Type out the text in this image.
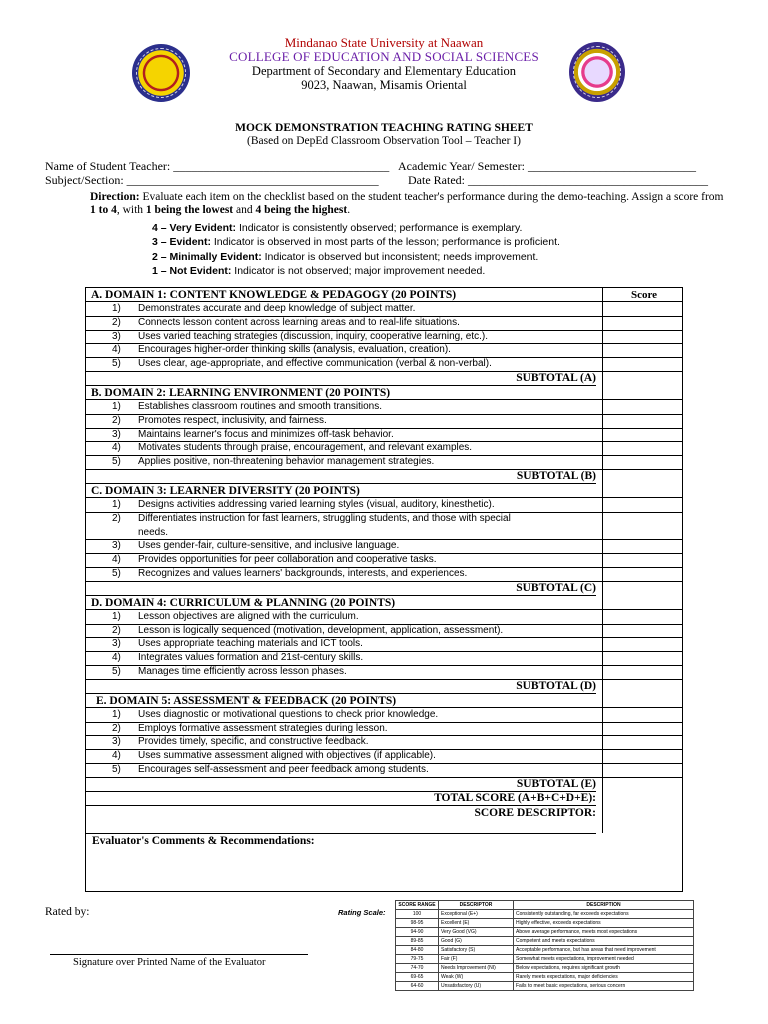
Mindanao State University at Naawan
COLLEGE OF EDUCATION AND SOCIAL SCIENCES
Department of Secondary and Elementary Education
9023, Naawan, Misamis Oriental
MOCK DEMONSTRATION TEACHING RATING SHEET
(Based on DepEd Classroom Observation Tool – Teacher I)
Name of Student Teacher: ____________________________________ Academic Year/ Semester: ____________________________
Subject/Section: __________________________________________ Date Rated: ________________________________________
Direction: Evaluate each item on the checklist based on the student teacher's performance during the demo-teaching. Assign a score from 1 to 4, with 1 being the lowest and 4 being the highest.
4 – Very Evident: Indicator is consistently observed; performance is exemplary.
3 – Evident: Indicator is observed in most parts of the lesson; performance is proficient.
2 – Minimally Evident: Indicator is observed but inconsistent; needs improvement.
1 – Not Evident: Indicator is not observed; major improvement needed.
Score
A. DOMAIN 1: CONTENT KNOWLEDGE & PEDAGOGY (20 POINTS)
1) Demonstrates accurate and deep knowledge of subject matter.
2) Connects lesson content across learning areas and to real-life situations.
3) Uses varied teaching strategies (discussion, inquiry, cooperative learning, etc.).
4) Encourages higher-order thinking skills (analysis, evaluation, creation).
5) Uses clear, age-appropriate, and effective communication (verbal & non-verbal).
SUBTOTAL (A)
B. DOMAIN 2: LEARNING ENVIRONMENT (20 POINTS)
1) Establishes classroom routines and smooth transitions.
2) Promotes respect, inclusivity, and fairness.
3) Maintains learner's focus and minimizes off-task behavior.
4) Motivates students through praise, encouragement, and relevant examples.
5) Applies positive, non-threatening behavior management strategies.
SUBTOTAL (B)
C. DOMAIN 3: LEARNER DIVERSITY (20 POINTS)
1) Designs activities addressing varied learning styles (visual, auditory, kinesthetic).
2) Differentiates instruction for fast learners, struggling students, and those with special
needs.
3) Uses gender-fair, culture-sensitive, and inclusive language.
4) Provides opportunities for peer collaboration and cooperative tasks.
5) Recognizes and values learners' backgrounds, interests, and experiences.
SUBTOTAL (C)
D. DOMAIN 4: CURRICULUM & PLANNING (20 POINTS)
1) Lesson objectives are aligned with the curriculum.
2) Lesson is logically sequenced (motivation, development, application, assessment).
3) Uses appropriate teaching materials and ICT tools.
4) Integrates values formation and 21st-century skills.
5) Manages time efficiently across lesson phases.
SUBTOTAL (D)
E. DOMAIN 5: ASSESSMENT & FEEDBACK (20 POINTS)
1) Uses diagnostic or motivational questions to check prior knowledge.
2) Employs formative assessment strategies during lesson.
3) Provides timely, specific, and constructive feedback.
4) Uses summative assessment aligned with objectives (if applicable).
5) Encourages self-assessment and peer feedback among students.
SUBTOTAL (E)
TOTAL SCORE (A+B+C+D+E):
SCORE DESCRIPTOR:
Evaluator's Comments & Recommendations:
Rated by:
Signature over Printed Name of the Evaluator
Rating Scale:
SCORE RANGE	DESCRIPTOR	DESCRIPTION
100	Exceptional (E+)	Consistently outstanding, far exceeds expectations
98-95	Excellent (E)	Highly effective, exceeds expectations
94-90	Very Good (VG)	Above average performance, meets most expectations
89-85	Good (G)	Competent and meets expectations
84-80	Satisfactory (S)	Acceptable performance, but has areas that need improvement
79-75	Fair (F)	Somewhat meets expectations, improvement needed
74-70	Needs Improvement (NI)	Below expectations, requires significant growth
69-65	Weak (W)	Rarely meets expectations, major deficiencies
64-60	Unsatisfactory (U)	Fails to meet basic expectations, serious concern
